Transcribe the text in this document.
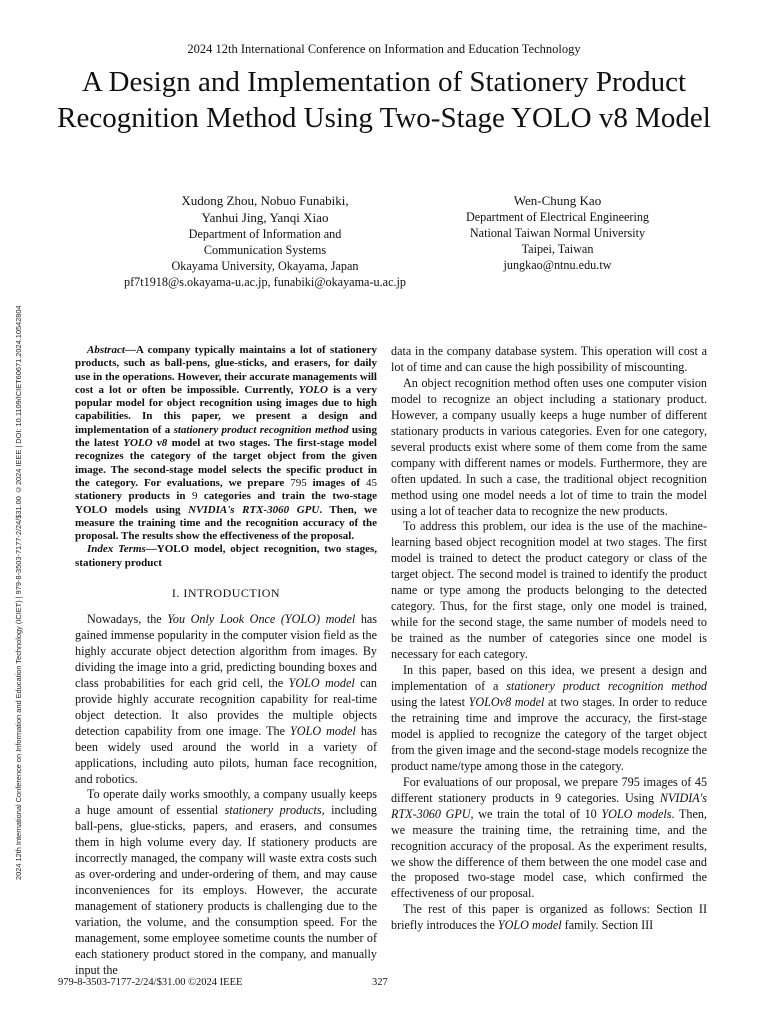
2024 12th International Conference on Information and Education Technology
A Design and Implementation of Stationery Product Recognition Method Using Two-Stage YOLO v8 Model
2024 12th International Conference on Information and Education Technology (ICIET) | 979-8-3503-7177-2/24/$31.00 ©2024 IEEE | DOI: 10.1109/ICIET60671.2024.10542804
Xudong Zhou, Nobuo Funabiki,
Yanhui Jing, Yanqi Xiao
Department of Information and
Communication Systems
Okayama University, Okayama, Japan
pf7t1918@s.okayama-u.ac.jp, funabiki@okayama-u.ac.jp
Wen-Chung Kao
Department of Electrical Engineering
National Taiwan Normal University
Taipei, Taiwan
jungkao@ntnu.edu.tw

Abstract—A company typically maintains a lot of stationery products, such as ball-pens, glue-sticks, and erasers, for daily use in the operations. However, their accurate managements will cost a lot or often be impossible. Currently, YOLO is a very popular model for object recognition using images due to high capabilities. In this paper, we present a design and implementation of a stationery product recognition method using the latest YOLO v8 model at two stages. The first-stage model recognizes the category of the target object from the given image. The second-stage model selects the specific product in the category. For evaluations, we prepare 795 images of 45 stationery products in 9 categories and train the two-stage YOLO models using NVIDIA's RTX-3060 GPU. Then, we measure the training time and the recognition accuracy of the proposal. The results show the effectiveness of the proposal.

Index Terms—YOLO model, object recognition, two stages, stationery product

I. INTRODUCTION

Nowadays, the You Only Look Once (YOLO) model has gained immense popularity in the computer vision field as the highly accurate object detection algorithm from images. By dividing the image into a grid, predicting bounding boxes and class probabilities for each grid cell, the YOLO model can provide highly accurate recognition capability for real-time object detection. It also provides the multiple objects detection capability from one image. The YOLO model has been widely used around the world in a variety of applications, including auto pilots, human face recognition, and robotics.

To operate daily works smoothly, a company usually keeps a huge amount of essential stationery products, including ball-pens, glue-sticks, papers, and erasers, and consumes them in high volume every day. If stationery products are incorrectly managed, the company will waste extra costs such as over-ordering and under-ordering of them, and may cause inconveniences for its employs. However, the accurate management of stationery products is challenging due to the variation, the volume, and the consumption speed. For the management, some employee sometime counts the number of each stationery product stored in the company, and manually input the

data in the company database system. This operation will cost a lot of time and can cause the high possibility of miscounting.

An object recognition method often uses one computer vision model to recognize an object including a stationary product. However, a company usually keeps a huge number of different stationary products in various categories. Even for one category, several products exist where some of them come from the same company with different names or models. Furthermore, they are often updated. In such a case, the traditional object recognition method using one model needs a lot of time to train the model using a lot of teacher data to recognize the new products.

To address this problem, our idea is the use of the machine-learning based object recognition model at two stages. The first model is trained to detect the product category or class of the target object. The second model is trained to identify the product name or type among the products belonging to the detected category. Thus, for the first stage, only one model is trained, while for the second stage, the same number of models need to be trained as the number of categories since one model is necessary for each category.

In this paper, based on this idea, we present a design and implementation of a stationery product recognition method using the latest YOLOv8 model at two stages. In order to reduce the retraining time and improve the accuracy, the first-stage model is applied to recognize the category of the target object from the given image and the second-stage models recognize the product name/type among those in the category.

For evaluations of our proposal, we prepare 795 images of 45 different stationery products in 9 categories. Using NVIDIA's RTX-3060 GPU, we train the total of 10 YOLO models. Then, we measure the training time, the retraining time, and the recognition accuracy of the proposal. As the experiment results, we show the difference of them between the one model case and the proposed two-stage model case, which confirmed the effectiveness of our proposal.

The rest of this paper is organized as follows: Section II briefly introduces the YOLO model family. Section III

979-8-3503-7177-2/24/$31.00 ©2024 IEEE	327
